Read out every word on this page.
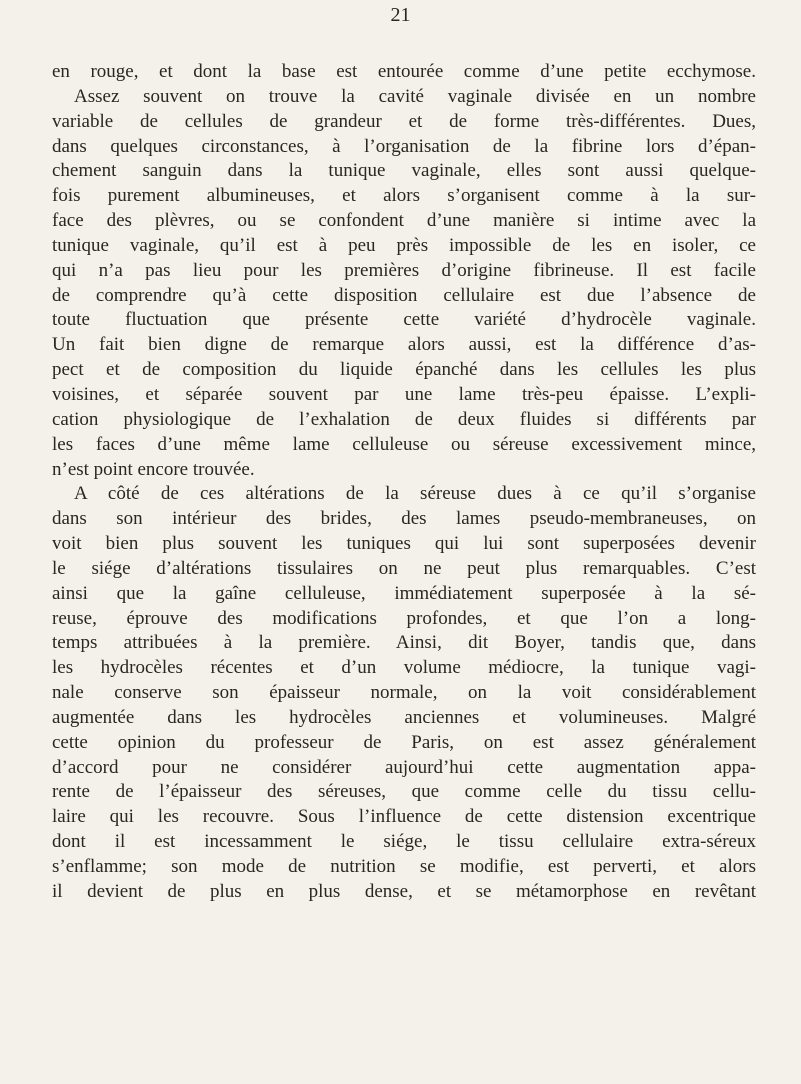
21

en rouge, et dont la base est entourée comme d’une petite ecchymose.
Assez souvent on trouve la cavité vaginale divisée en un nombre
variable de cellules de grandeur et de forme très-différentes. Dues,
dans quelques circonstances, à l’organisation de la fibrine lors d’épan-
chement sanguin dans la tunique vaginale, elles sont aussi quelque-
fois purement albumineuses, et alors s’organisent comme à la sur-
face des plèvres, ou se confondent d’une manière si intime avec la
tunique vaginale, qu’il est à peu près impossible de les en isoler, ce
qui n’a pas lieu pour les premières d’origine fibrineuse. Il est facile
de comprendre qu’à cette disposition cellulaire est due l’absence de
toute fluctuation que présente cette variété d’hydrocèle vaginale.
Un fait bien digne de remarque alors aussi, est la différence d’as-
pect et de composition du liquide épanché dans les cellules les plus
voisines, et séparée souvent par une lame très-peu épaisse. L’expli-
cation physiologique de l’exhalation de deux fluides si différents par
les faces d’une même lame celluleuse ou séreuse excessivement mince,
n’est point encore trouvée.
A côté de ces altérations de la séreuse dues à ce qu’il s’organise
dans son intérieur des brides, des lames pseudo-membraneuses, on
voit bien plus souvent les tuniques qui lui sont superposées devenir
le siége d’altérations tissulaires on ne peut plus remarquables. C’est
ainsi que la gaîne celluleuse, immédiatement superposée à la sé-
reuse, éprouve des modifications profondes, et que l’on a long-
temps attribuées à la première. Ainsi, dit Boyer, tandis que, dans
les hydrocèles récentes et d’un volume médiocre, la tunique vagi-
nale conserve son épaisseur normale, on la voit considérablement
augmentée dans les hydrocèles anciennes et volumineuses. Malgré
cette opinion du professeur de Paris, on est assez généralement
d’accord pour ne considérer aujourd’hui cette augmentation appa-
rente de l’épaisseur des séreuses, que comme celle du tissu cellu-
laire qui les recouvre. Sous l’influence de cette distension excentrique
dont il est incessamment le siége, le tissu cellulaire extra-séreux
s’enflamme; son mode de nutrition se modifie, est perverti, et alors
il devient de plus en plus dense, et se métamorphose en revêtant
